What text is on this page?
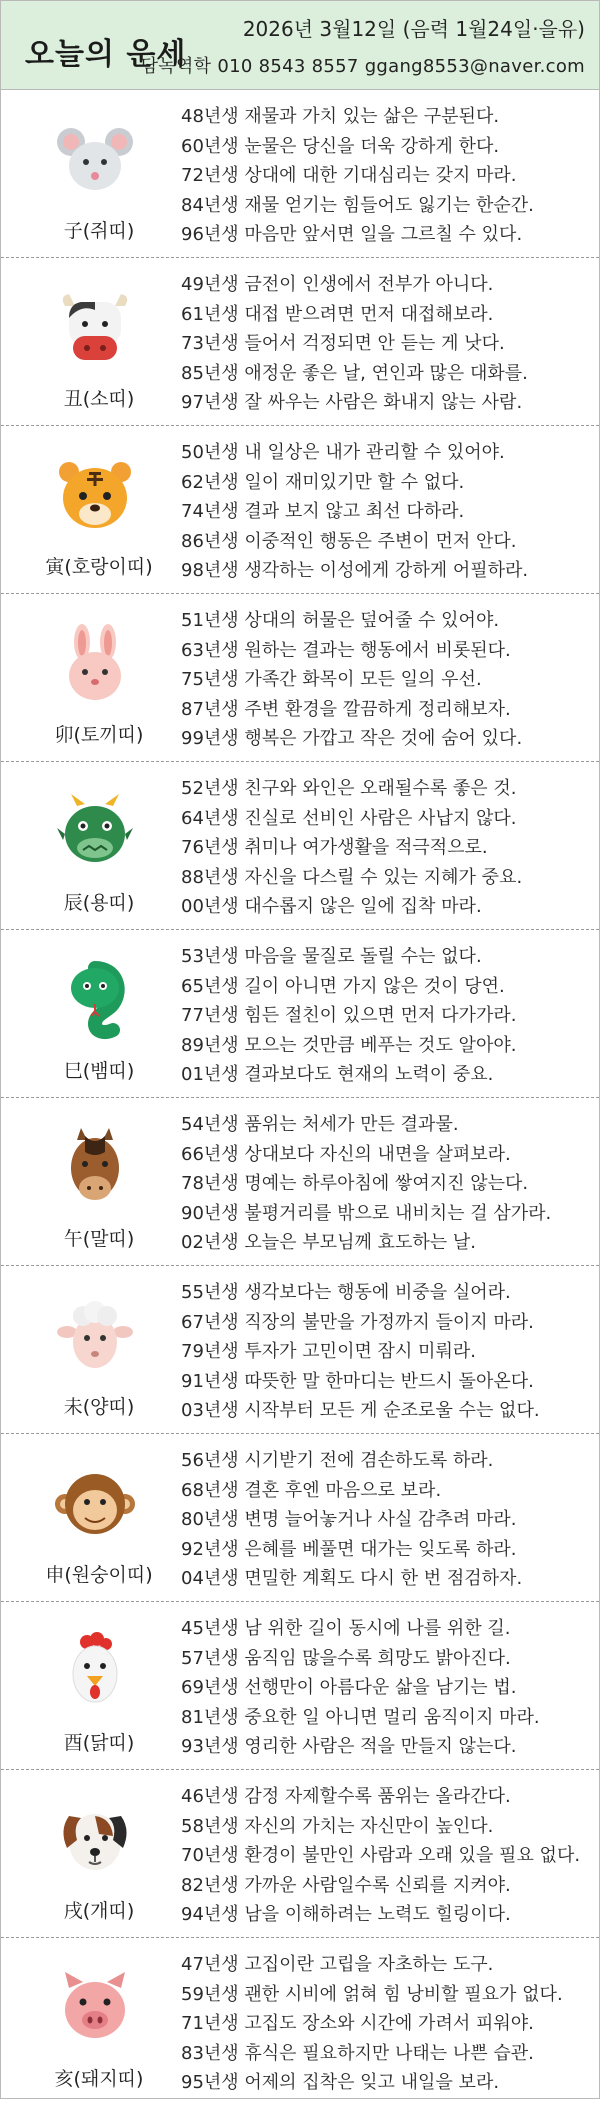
오늘의 운세
2026년 3월12일 (음력 1월24일·을유)
담녹역학 010 8543 8557 ggang8553@naver.com
子(쥐띠)
48년생 재물과 가치 있는 삶은 구분된다.
60년생 눈물은 당신을 더욱 강하게 한다.
72년생 상대에 대한 기대심리는 갖지 마라.
84년생 재물 얻기는 힘들어도 잃기는 한순간.
96년생 마음만 앞서면 일을 그르칠 수 있다.
丑(소띠)
49년생 금전이 인생에서 전부가 아니다.
61년생 대접 받으려면 먼저 대접해보라.
73년생 들어서 걱정되면 안 듣는 게 낫다.
85년생 애정운 좋은 날, 연인과 많은 대화를.
97년생 잘 싸우는 사람은 화내지 않는 사람.
寅(호랑이띠)
50년생 내 일상은 내가 관리할 수 있어야.
62년생 일이 재미있기만 할 수 없다.
74년생 결과 보지 않고 최선 다하라.
86년생 이중적인 행동은 주변이 먼저 안다.
98년생 생각하는 이성에게 강하게 어필하라.
卯(토끼띠)
51년생 상대의 허물은 덮어줄 수 있어야.
63년생 원하는 결과는 행동에서 비롯된다.
75년생 가족간 화목이 모든 일의 우선.
87년생 주변 환경을 깔끔하게 정리해보자.
99년생 행복은 가깝고 작은 것에 숨어 있다.
辰(용띠)
52년생 친구와 와인은 오래될수록 좋은 것.
64년생 진실로 선비인 사람은 사납지 않다.
76년생 취미나 여가생활을 적극적으로.
88년생 자신을 다스릴 수 있는 지혜가 중요.
00년생 대수롭지 않은 일에 집착 마라.
巳(뱀띠)
53년생 마음을 물질로 돌릴 수는 없다.
65년생 길이 아니면 가지 않은 것이 당연.
77년생 힘든 절친이 있으면 먼저 다가가라.
89년생 모으는 것만큼 베푸는 것도 알아야.
01년생 결과보다도 현재의 노력이 중요.
午(말띠)
54년생 품위는 처세가 만든 결과물.
66년생 상대보다 자신의 내면을 살펴보라.
78년생 명예는 하루아침에 쌓여지진 않는다.
90년생 불평거리를 밖으로 내비치는 걸 삼가라.
02년생 오늘은 부모님께 효도하는 날.
未(양띠)
55년생 생각보다는 행동에 비중을 실어라.
67년생 직장의 불만을 가정까지 들이지 마라.
79년생 투자가 고민이면 잠시 미뤄라.
91년생 따뜻한 말 한마디는 반드시 돌아온다.
03년생 시작부터 모든 게 순조로울 수는 없다.
申(원숭이띠)
56년생 시기받기 전에 겸손하도록 하라.
68년생 결혼 후엔 마음으로 보라.
80년생 변명 늘어놓거나 사실 감추려 마라.
92년생 은혜를 베풀면 대가는 잊도록 하라.
04년생 면밀한 계획도 다시 한 번 점검하자.
酉(닭띠)
45년생 남 위한 길이 동시에 나를 위한 길.
57년생 움직임 많을수록 희망도 밝아진다.
69년생 선행만이 아름다운 삶을 남기는 법.
81년생 중요한 일 아니면 멀리 움직이지 마라.
93년생 영리한 사람은 적을 만들지 않는다.
戌(개띠)
46년생 감정 자제할수록 품위는 올라간다.
58년생 자신의 가치는 자신만이 높인다.
70년생 환경이 불만인 사람과 오래 있을 필요 없다.
82년생 가까운 사람일수록 신뢰를 지켜야.
94년생 남을 이해하려는 노력도 힐링이다.
亥(돼지띠)
47년생 고집이란 고립을 자초하는 도구.
59년생 괜한 시비에 얽혀 힘 낭비할 필요가 없다.
71년생 고집도 장소와 시간에 가려서 피워야.
83년생 휴식은 필요하지만 나태는 나쁜 습관.
95년생 어제의 집착은 잊고 내일을 보라.
